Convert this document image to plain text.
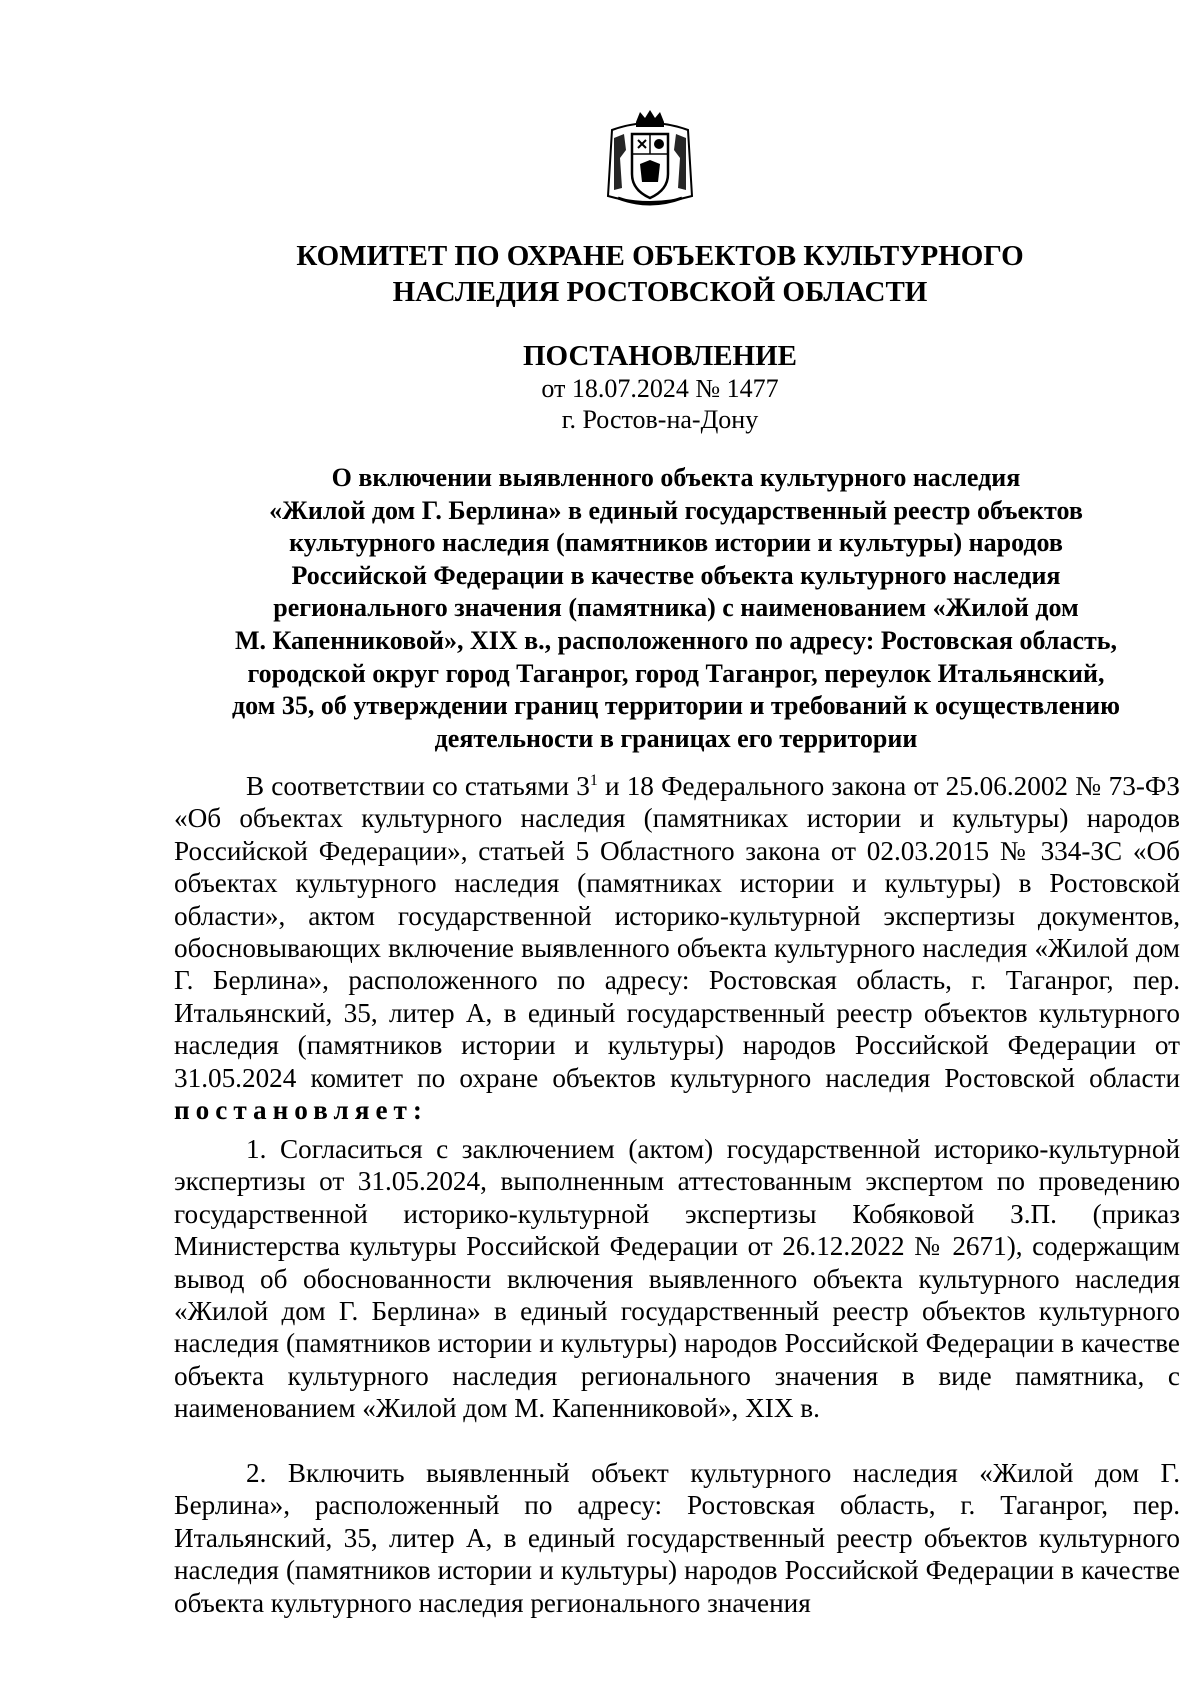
КОМИТЕТ ПО ОХРАНЕ ОБЪЕКТОВ КУЛЬТУРНОГО
НАСЛЕДИЯ РОСТОВСКОЙ ОБЛАСТИ
ПОСТАНОВЛЕНИЕ
от 18.07.2024 № 1477
г. Ростов-на-Дону
О включении выявленного объекта культурного наследия
«Жилой дом Г. Берлина» в единый государственный реестр объектов
культурного наследия (памятников истории и культуры) народов
Российской Федерации в качестве объекта культурного наследия
регионального значения (памятника) с наименованием «Жилой дом
М. Капенниковой», XIX в., расположенного по адресу: Ростовская область,
городской округ город Таганрог, город Таганрог, переулок Итальянский,
дом 35, об утверждении границ территории и требований к осуществлению
деятельности в границах его территории

В соответствии со статьями $3^1$ и 18 Федерального закона от 25.06.2002 № 73-ФЗ «Об объектах культурного наследия (памятниках истории и культуры) народов Российской Федерации», статьей 5 Областного закона от 02.03.2015 № 334-ЗС «Об объектах культурного наследия (памятниках истории и культуры) в Ростовской области», актом государственной историко-культурной экспертизы документов, обосновывающих включение выявленного объекта культурного наследия «Жилой дом Г. Берлина», расположенного по адресу: Ростовская область, г. Таганрог, пер. Итальянский, 35, литер А, в единый государственный реестр объектов культурного наследия (памятников истории и культуры) народов Российской Федерации от 31.05.2024 комитет по охране объектов культурного наследия Ростовской области постановляет:

1. Согласиться с заключением (актом) государственной историко-культурной экспертизы от 31.05.2024, выполненным аттестованным экспертом по проведению государственной историко-культурной экспертизы Кобяковой З.П. (приказ Министерства культуры Российской Федерации от 26.12.2022 № 2671), содержащим вывод об обоснованности включения выявленного объекта культурного наследия «Жилой дом Г. Берлина» в единый государственный реестр объектов культурного наследия (памятников истории и культуры) народов Российской Федерации в качестве объекта культурного наследия регионального значения в виде памятника, с наименованием «Жилой дом М. Капенниковой», XIX в.

2. Включить выявленный объект культурного наследия «Жилой дом Г. Берлина», расположенный по адресу: Ростовская область, г. Таганрог, пер. Итальянский, 35, литер А, в единый государственный реестр объектов культурного наследия (памятников истории и культуры) народов Российской Федерации в качестве объекта культурного наследия регионального значения
